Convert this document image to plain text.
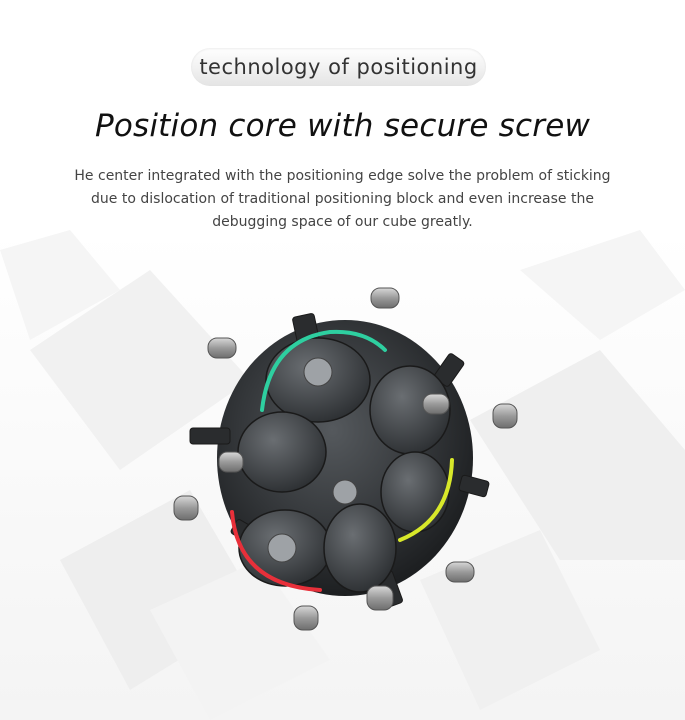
technology of positioning
Position core with secure screw
He center integrated with the positioning edge solve the problem of sticking due to dislocation of traditional positioning block and even increase the debugging space of our cube greatly.
